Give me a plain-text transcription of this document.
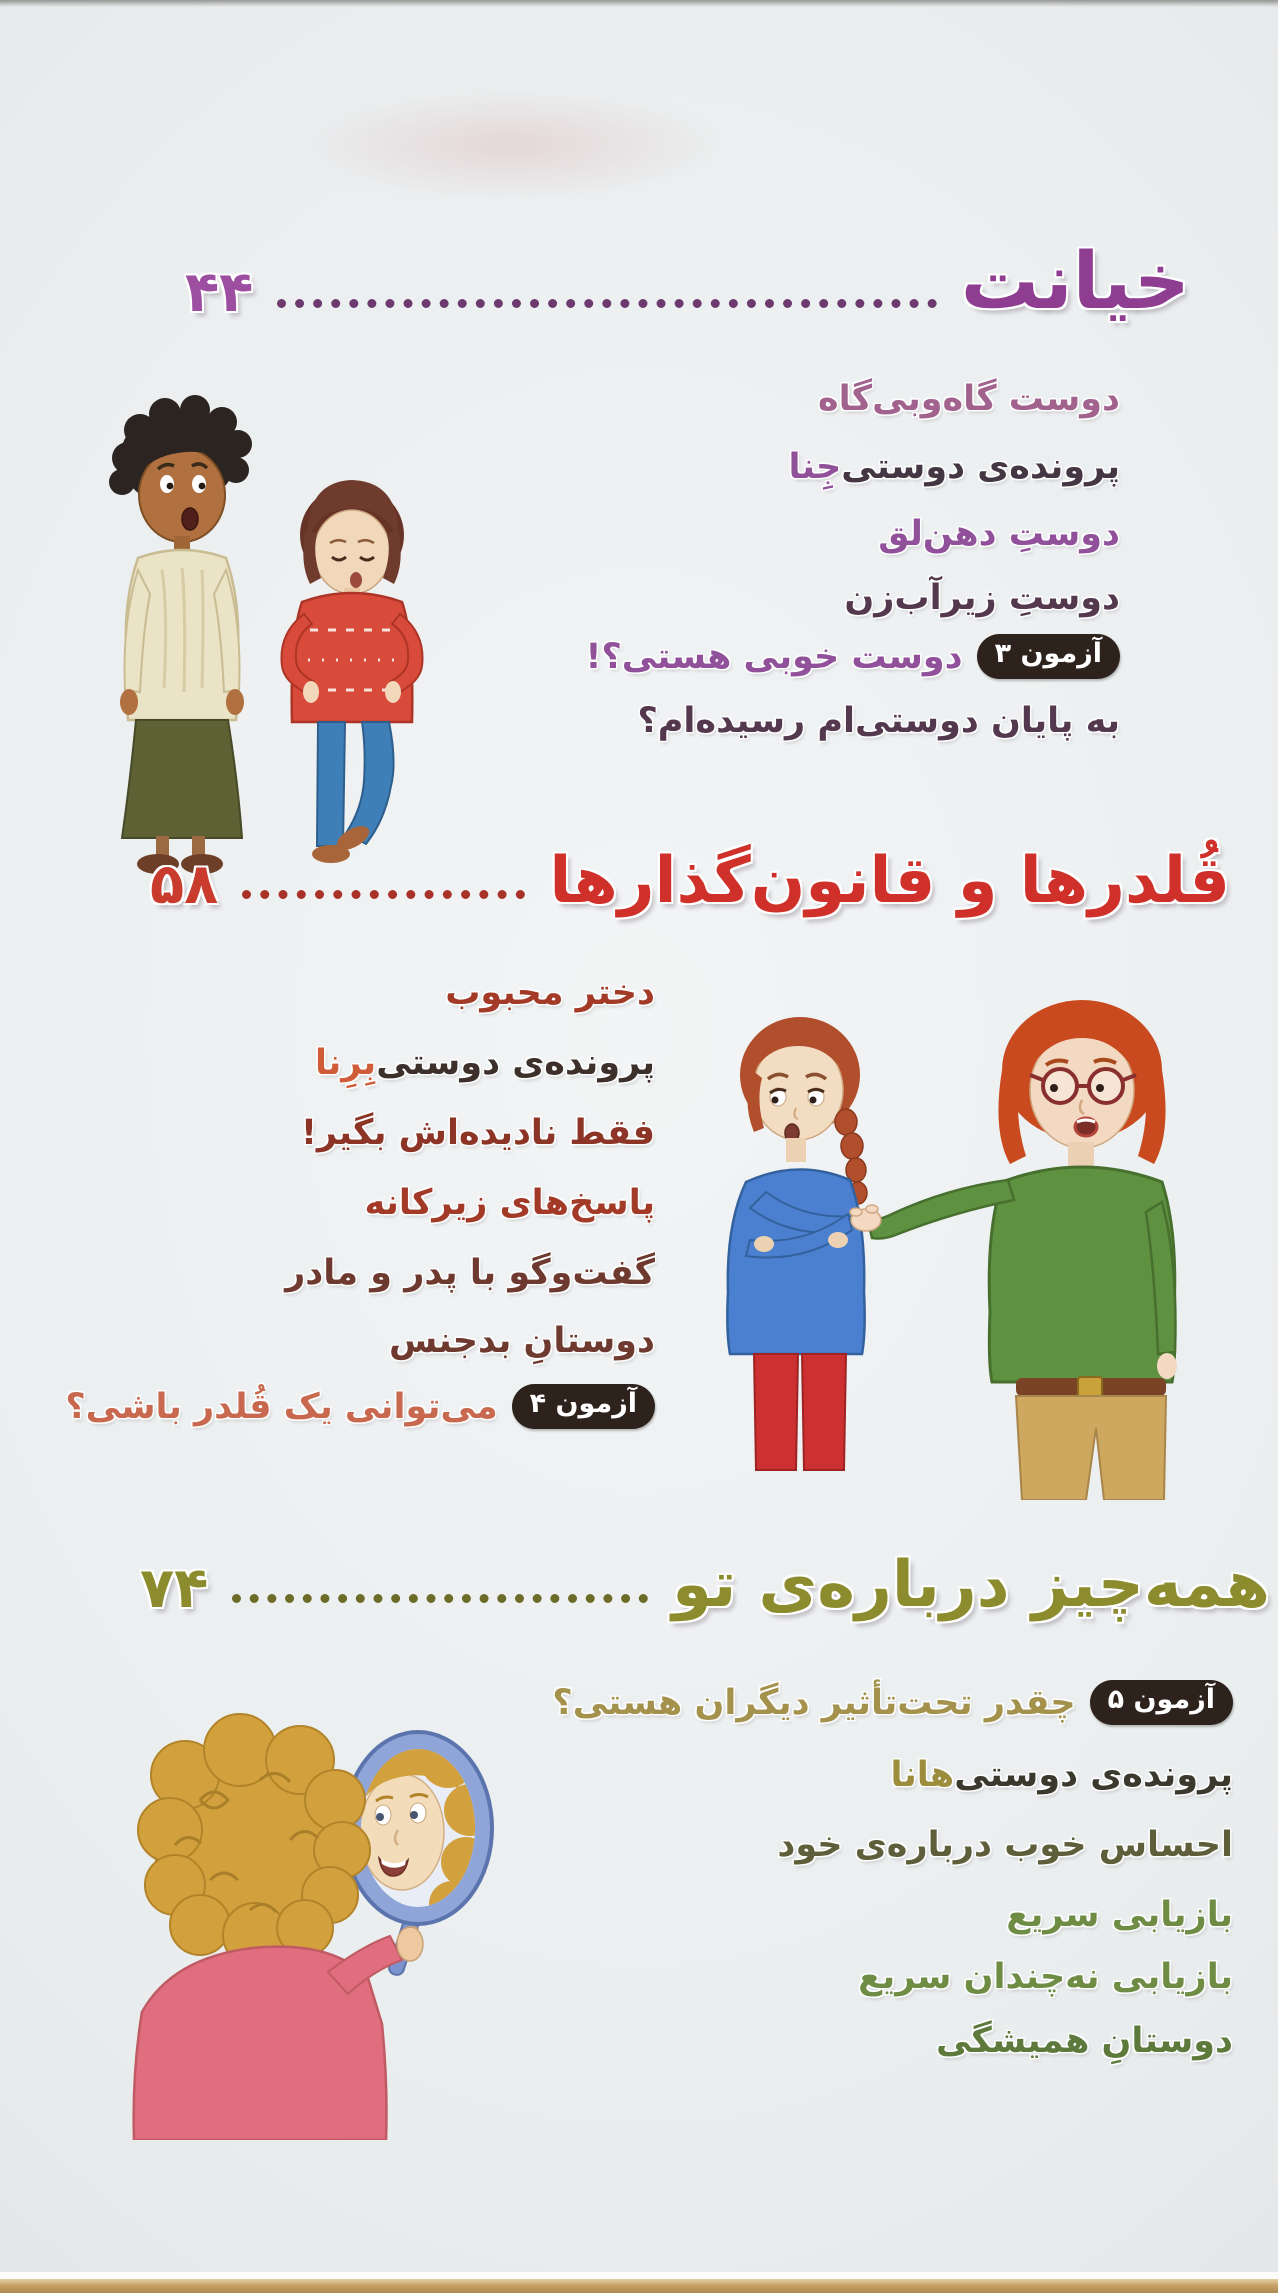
خیانت
۴۴
دوست گاه‌وبی‌گاه
پرونده‌ی دوستی
جِنا
دوستِ دهن‌لق
دوستِ زیرآب‌زن
آزمون ۳
دوست خوبی هستی؟!
به پایان دوستی‌ام رسیده‌ام؟
قُلدرها و قانون‌گذارها
۵۸
دختر محبوب
پرونده‌ی دوستی
بِرِنا
فقط نادیده‌اش بگیر!
پاسخ‌های زیرکانه
گفت‌وگو با پدر و مادر
دوستانِ بدجنس
آزمون ۴
می‌توانی یک قُلدر باشی؟
همه‌چیز درباره‌ی تو
۷۴
آزمون ۵
چقدر تحت‌تأثیر دیگران هستی؟
پرونده‌ی دوستی
هانا
احساس خوب درباره‌ی خود
بازیابی سریع
بازیابی نه‌چندان سریع
دوستانِ همیشگی
